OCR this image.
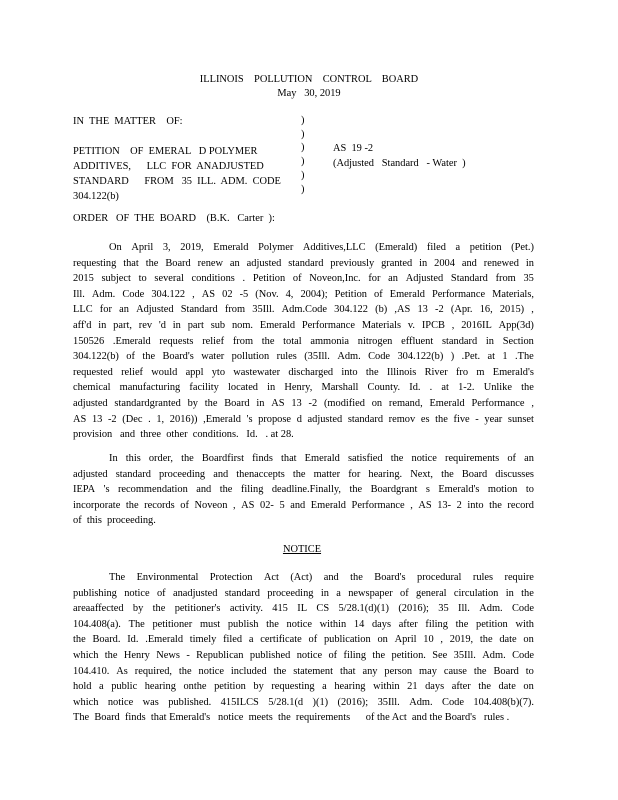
ILLINOIS    POLLUTION    CONTROL    BOARD
May   30, 2019
IN  THE  MATTER    OF:
PETITION    OF  EMERAL   D POLYMER
ADDITIVES,      LLC  FOR  ANADJUSTED
STANDARD      FROM   35  ILL.  ADM.  CODE
304.122(b)
)
)
)
)
)
)
AS  19 -2
(Adjusted   Standard   - Water  )
ORDER   OF  THE  BOARD    (B.K.   Carter  ):
On April 3, 2019, Emerald Polymer Additives,LLC (Emerald) filed a petition (Pet.)
requesting that the Board renew an adjusted standard previously granted in 2004 and renewed in
2015 subject to several conditions . Petition of Noveon,Inc. for an Adjusted Standard from 35
Ill. Adm. Code 304.122 , AS 02 -5 (Nov. 4, 2004); Petition of Emerald Performance Materials,
LLC for an Adjusted Standard from 35Ill. Adm.Code 304.122 (b) ,AS 13 -2 (Apr. 16, 2015) ,
aff'd in part, rev 'd in part sub nom. Emerald Performance Materials v. IPCB , 2016IL App(3d)
150526 .Emerald requests relief from the total ammonia nitrogen effluent standard in Section
304.122(b) of the Board's water pollution rules (35Ill. Adm. Code 304.122(b) ) .Pet. at 1 .The
requested relief would appl yto wastewater discharged into the Illinois River fro m Emerald's
chemical manufacturing facility located in Henry, Marshall County. Id. . at 1-2. Unlike the
adjusted standardgranted by the Board in AS 13 -2 (modified on remand, Emerald Performance ,
AS 13 -2 (Dec . 1, 2016)) ,Emerald 's propose d adjusted standard remov es the five - year sunset
provision   and  three  other  conditions.   Id.   . at 28.
In this order, the Boardfirst finds that Emerald satisfied the notice requirements of an
adjusted standard proceeding and thenaccepts the matter for hearing. Next, the Board discusses
IEPA 's recommendation and the filing deadline.Finally, the Boardgrant s Emerald's motion to
incorporate the records of Noveon , AS 02- 5 and Emerald Performance , AS 13- 2 into the record
of  this  proceeding.
NOTICE
The Environmental Protection Act (Act) and the Board's procedural rules require
publishing notice of anadjusted standard proceeding in a newspaper of general circulation in the
areaaffected by the petitioner's activity. 415 IL CS 5/28.1(d)(1) (2016); 35 Ill. Adm. Code
104.408(a). The petitioner must publish the notice within 14 days after filing the petition with
the Board. Id. .Emerald timely filed a certificate of publication on April 10 , 2019, the date on
which the Henry News - Republican published notice of filing the petition. See 35Ill. Adm. Code
104.410. As required, the notice included the statement that any person may cause the Board to
hold a public hearing onthe petition by requesting a hearing within 21 days after the date on
which notice was published. 415ILCS 5/28.1(d )(1) (2016); 35Ill. Adm. Code 104.408(b)(7).
The  Board  finds  that Emerald's   notice  meets  the  requirements      of the Act  and the Board's   rules .
